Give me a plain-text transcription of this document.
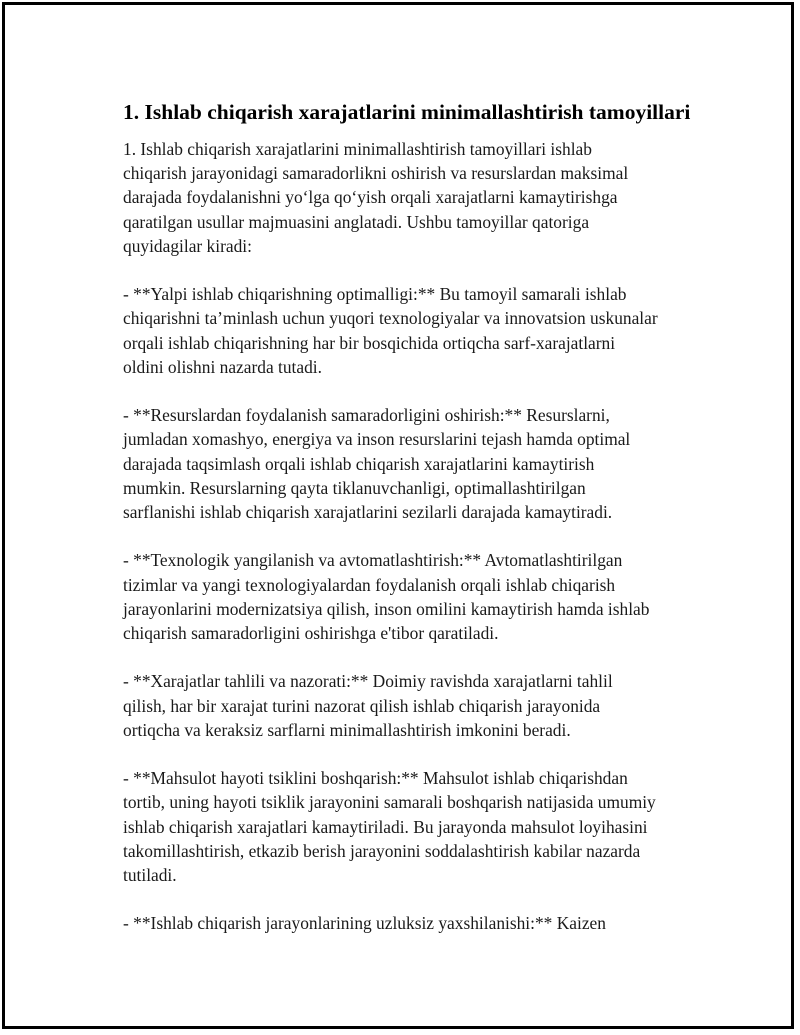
1. Ishlab chiqarish xarajatlarini minimallashtirish tamoyillari
1. Ishlab chiqarish xarajatlarini minimallashtirish tamoyillari ishlab
chiqarish jarayonidagi samaradorlikni oshirish va resurslardan maksimal
darajada foydalanishni yo‘lga qo‘yish orqali xarajatlarni kamaytirishga
qaratilgan usullar majmuasini anglatadi. Ushbu tamoyillar qatoriga
quyidagilar kiradi:
- **Yalpi ishlab chiqarishning optimalligi:** Bu tamoyil samarali ishlab
chiqarishni ta’minlash uchun yuqori texnologiyalar va innovatsion uskunalar
orqali ishlab chiqarishning har bir bosqichida ortiqcha sarf-xarajatlarni
oldini olishni nazarda tutadi.
- **Resurslardan foydalanish samaradorligini oshirish:** Resurslarni,
jumladan xomashyo, energiya va inson resurslarini tejash hamda optimal
darajada taqsimlash orqali ishlab chiqarish xarajatlarini kamaytirish
mumkin. Resurslarning qayta tiklanuvchanligi, optimallashtirilgan
sarflanishi ishlab chiqarish xarajatlarini sezilarli darajada kamaytiradi.
- **Texnologik yangilanish va avtomatlashtirish:** Avtomatlashtirilgan
tizimlar va yangi texnologiyalardan foydalanish orqali ishlab chiqarish
jarayonlarini modernizatsiya qilish, inson omilini kamaytirish hamda ishlab
chiqarish samaradorligini oshirishga e'tibor qaratiladi.
- **Xarajatlar tahlili va nazorati:** Doimiy ravishda xarajatlarni tahlil
qilish, har bir xarajat turini nazorat qilish ishlab chiqarish jarayonida
ortiqcha va keraksiz sarflarni minimallashtirish imkonini beradi.
- **Mahsulot hayoti tsiklini boshqarish:** Mahsulot ishlab chiqarishdan
tortib, uning hayoti tsiklik jarayonini samarali boshqarish natijasida umumiy
ishlab chiqarish xarajatlari kamaytiriladi. Bu jarayonda mahsulot loyihasini
takomillashtirish, etkazib berish jarayonini soddalashtirish kabilar nazarda
tutiladi.
- **Ishlab chiqarish jarayonlarining uzluksiz yaxshilanishi:** Kaizen
